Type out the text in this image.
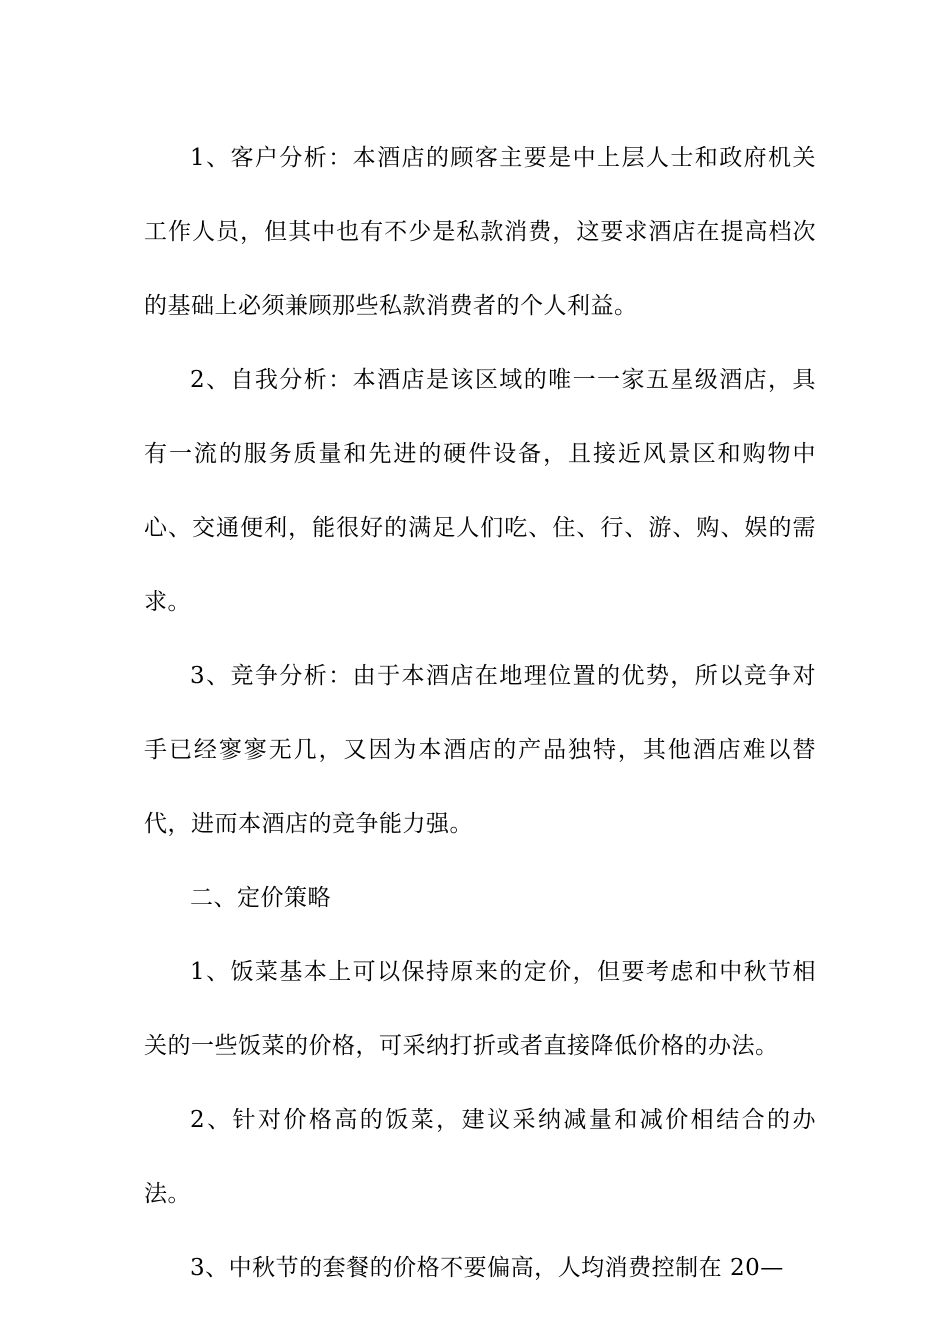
1、客户分析：本酒店的顾客主要是中上层人士和政府机关工作人员，但其中也有不少是私款消费，这要求酒店在提高档次的基础上必须兼顾那些私款消费者的个人利益。

2、自我分析：本酒店是该区域的唯一一家五星级酒店，具有一流的服务质量和先进的硬件设备，且接近风景区和购物中心、交通便利，能很好的满足人们吃、住、行、游、购、娱的需求。

3、竞争分析：由于本酒店在地理位置的优势，所以竞争对手已经寥寥无几，又因为本酒店的产品独特，其他酒店难以替代，进而本酒店的竞争能力强。

二、定价策略

1、饭菜基本上可以保持原来的定价，但要考虑和中秋节相关的一些饭菜的价格，可采纳打折或者直接降低价格的办法。

2、针对价格高的饭菜，建议采纳减量和减价相结合的办法。

3、中秋节的套餐的价格不要偏高，人均消费控制在 20—
